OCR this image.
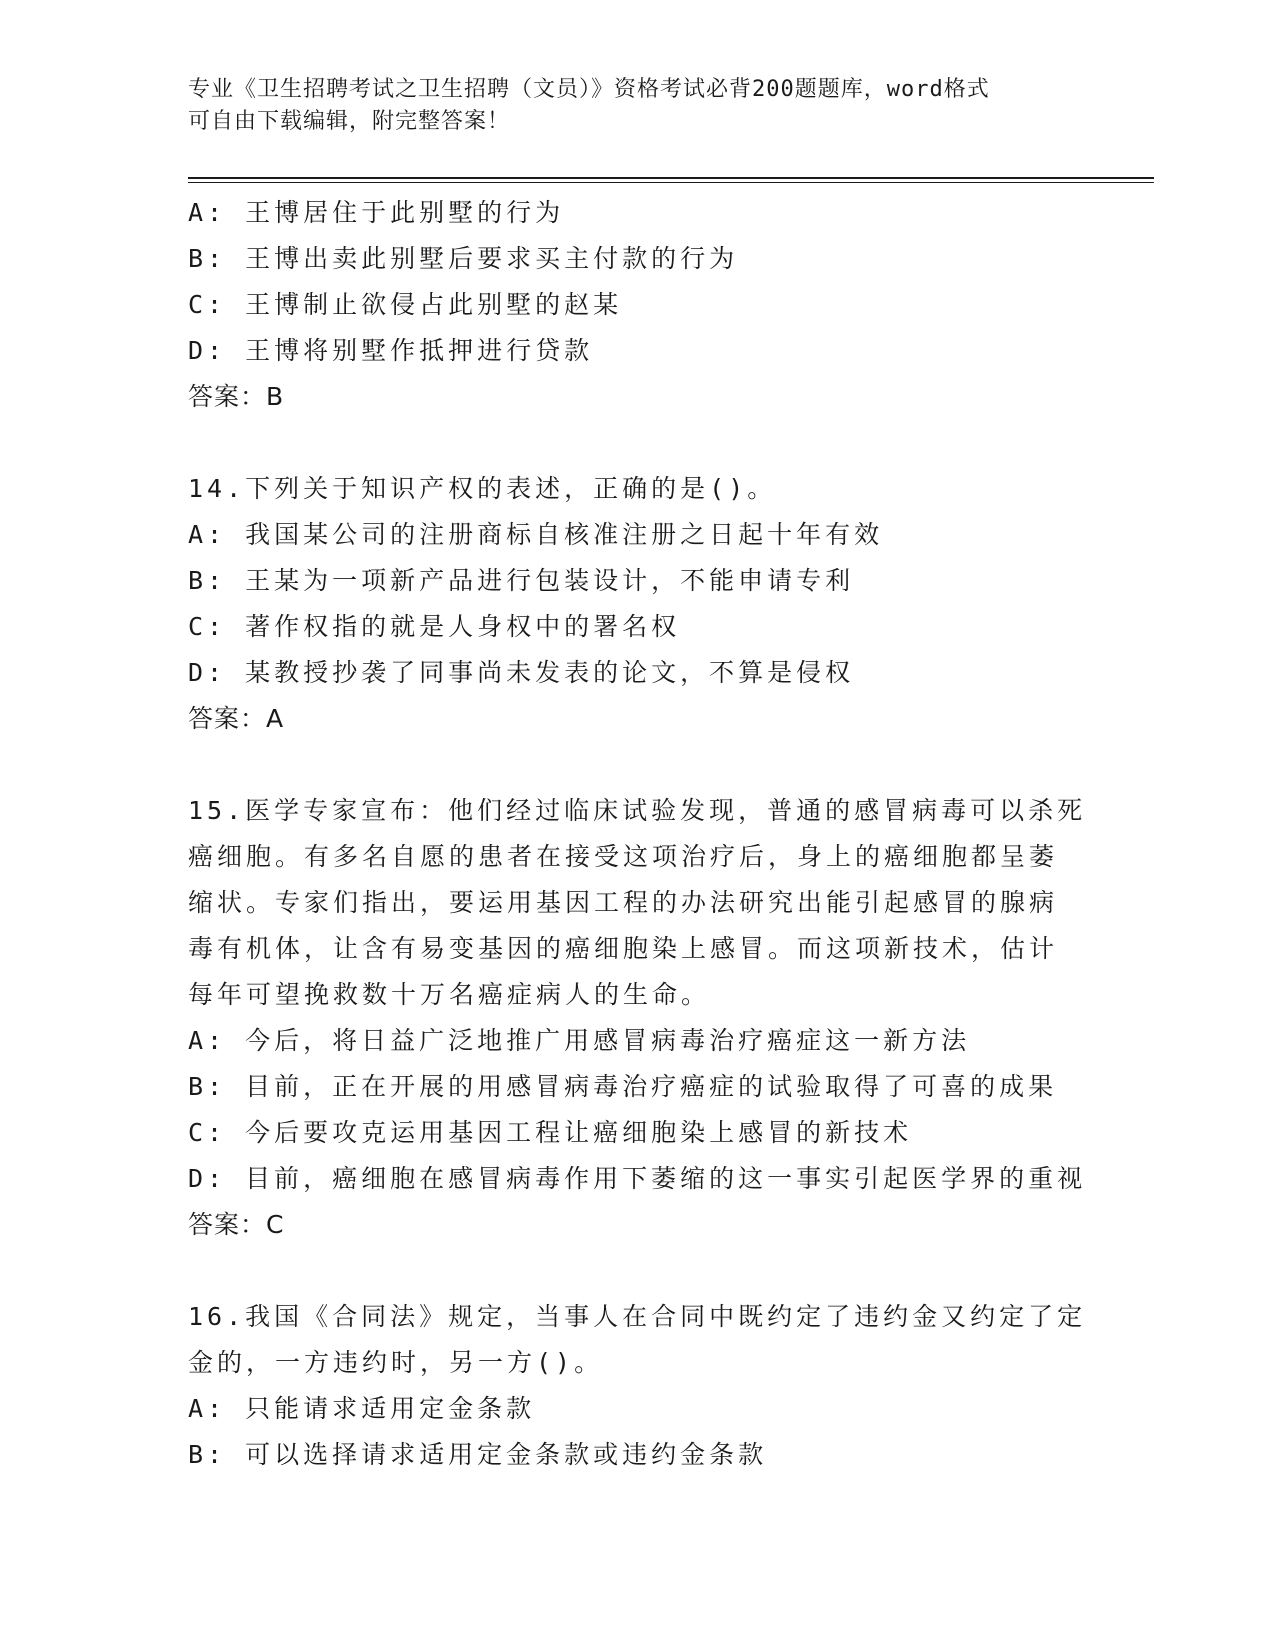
专业《卫生招聘考试之卫生招聘（文员）》资格考试必背200题题库，word格式
可自由下载编辑，附完整答案！
A: 王博居住于此别墅的行为
B: 王博出卖此别墅后要求买主付款的行为
C: 王博制止欲侵占此别墅的赵某
D: 王博将别墅作抵押进行贷款
答案：B
14.下列关于知识产权的表述，正确的是()。
A: 我国某公司的注册商标自核准注册之日起十年有效
B: 王某为一项新产品进行包装设计，不能申请专利
C: 著作权指的就是人身权中的署名权
D: 某教授抄袭了同事尚未发表的论文，不算是侵权
答案：A
15.医学专家宣布：他们经过临床试验发现，普通的感冒病毒可以杀死
癌细胞。有多名自愿的患者在接受这项治疗后，身上的癌细胞都呈萎
缩状。专家们指出，要运用基因工程的办法研究出能引起感冒的腺病
毒有机体，让含有易变基因的癌细胞染上感冒。而这项新技术，估计
每年可望挽救数十万名癌症病人的生命。
A: 今后，将日益广泛地推广用感冒病毒治疗癌症这一新方法
B: 目前，正在开展的用感冒病毒治疗癌症的试验取得了可喜的成果
C: 今后要攻克运用基因工程让癌细胞染上感冒的新技术
D: 目前，癌细胞在感冒病毒作用下萎缩的这一事实引起医学界的重视
答案：C
16.我国《合同法》规定，当事人在合同中既约定了违约金又约定了定
金的，一方违约时，另一方()。
A: 只能请求适用定金条款
B: 可以选择请求适用定金条款或违约金条款
